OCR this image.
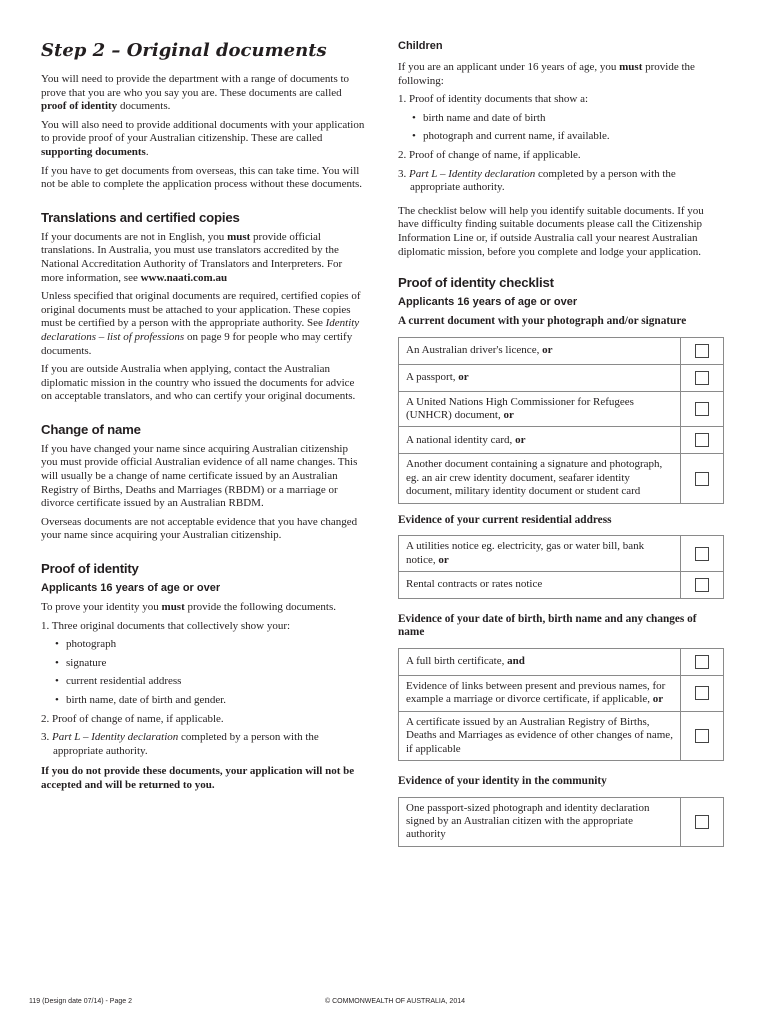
Step 2 – Original documents

You will need to provide the department with a range of documents to prove that you are who you say you are. These documents are called proof of identity documents.

You will also need to provide additional documents with your application to provide proof of your Australian citizenship. These are called supporting documents.

If you have to get documents from overseas, this can take time. You will not be able to complete the application process without these documents.

Translations and certified copies

If your documents are not in English, you must provide official translations. In Australia, you must use translators accredited by the National Accreditation Authority of Translators and Interpreters. For more information, see www.naati.com.au

Unless specified that original documents are required, certified copies of original documents must be attached to your application. These copies must be certified by a person with the appropriate authority. See Identity declarations – list of professions on page 9 for people who may certify documents.

If you are outside Australia when applying, contact the Australian diplomatic mission in the country who issued the documents for advice on acceptable translators, and who can certify your original documents.

Change of name

If you have changed your name since acquiring Australian citizenship you must provide official Australian evidence of all name changes. This will usually be a change of name certificate issued by an Australian Registry of Births, Deaths and Marriages (RBDM) or a marriage or divorce certificate issued by an Australian RBDM.

Overseas documents are not acceptable evidence that you have changed your name since acquiring your Australian citizenship.

Proof of identity
Applicants 16 years of age or over

To prove your identity you must provide the following documents.

1. Three original documents that collectively show your:
• photograph
• signature
• current residential address
• birth name, date of birth and gender.
2. Proof of change of name, if applicable.
3. Part L – Identity declaration completed by a person with the appropriate authority.
If you do not provide these documents, your application will not be accepted and will be returned to you.
Children

If you are an applicant under 16 years of age, you must provide the following:

1. Proof of identity documents that show a:
• birth name and date of birth
• photograph and current name, if available.
2. Proof of change of name, if applicable.
3. Part L – Identity declaration completed by a person with the appropriate authority.

The checklist below will help you identify suitable documents. If you have difficulty finding suitable documents please call the Citizenship Information Line or, if outside Australia call your nearest Australian diplomatic mission, before you complete and lodge your application.

Proof of identity checklist
Applicants 16 years of age or over
A current document with your photograph and/or signature
An Australian driver's licence, or	
A passport, or	
A United Nations High Commissioner for Refugees (UNHCR) document, or	
A national identity card, or	
Another document containing a signature and photograph, eg. an air crew identity document, seafarer identity document, military identity document or student card	
Evidence of your current residential address
A utilities notice eg. electricity, gas or water bill, bank notice, or	
Rental contracts or rates notice	
Evidence of your date of birth, birth name and any changes of name
A full birth certificate, and	
Evidence of links between present and previous names, for example a marriage or divorce certificate, if applicable, or	
A certificate issued by an Australian Registry of Births, Deaths and Marriages as evidence of other changes of name, if applicable	
Evidence of your identity in the community
One passport-sized photograph and identity declaration signed by an Australian citizen with the appropriate authority	
119 (Design date 07/14) - Page 2	© COMMONWEALTH OF AUSTRALIA, 2014
